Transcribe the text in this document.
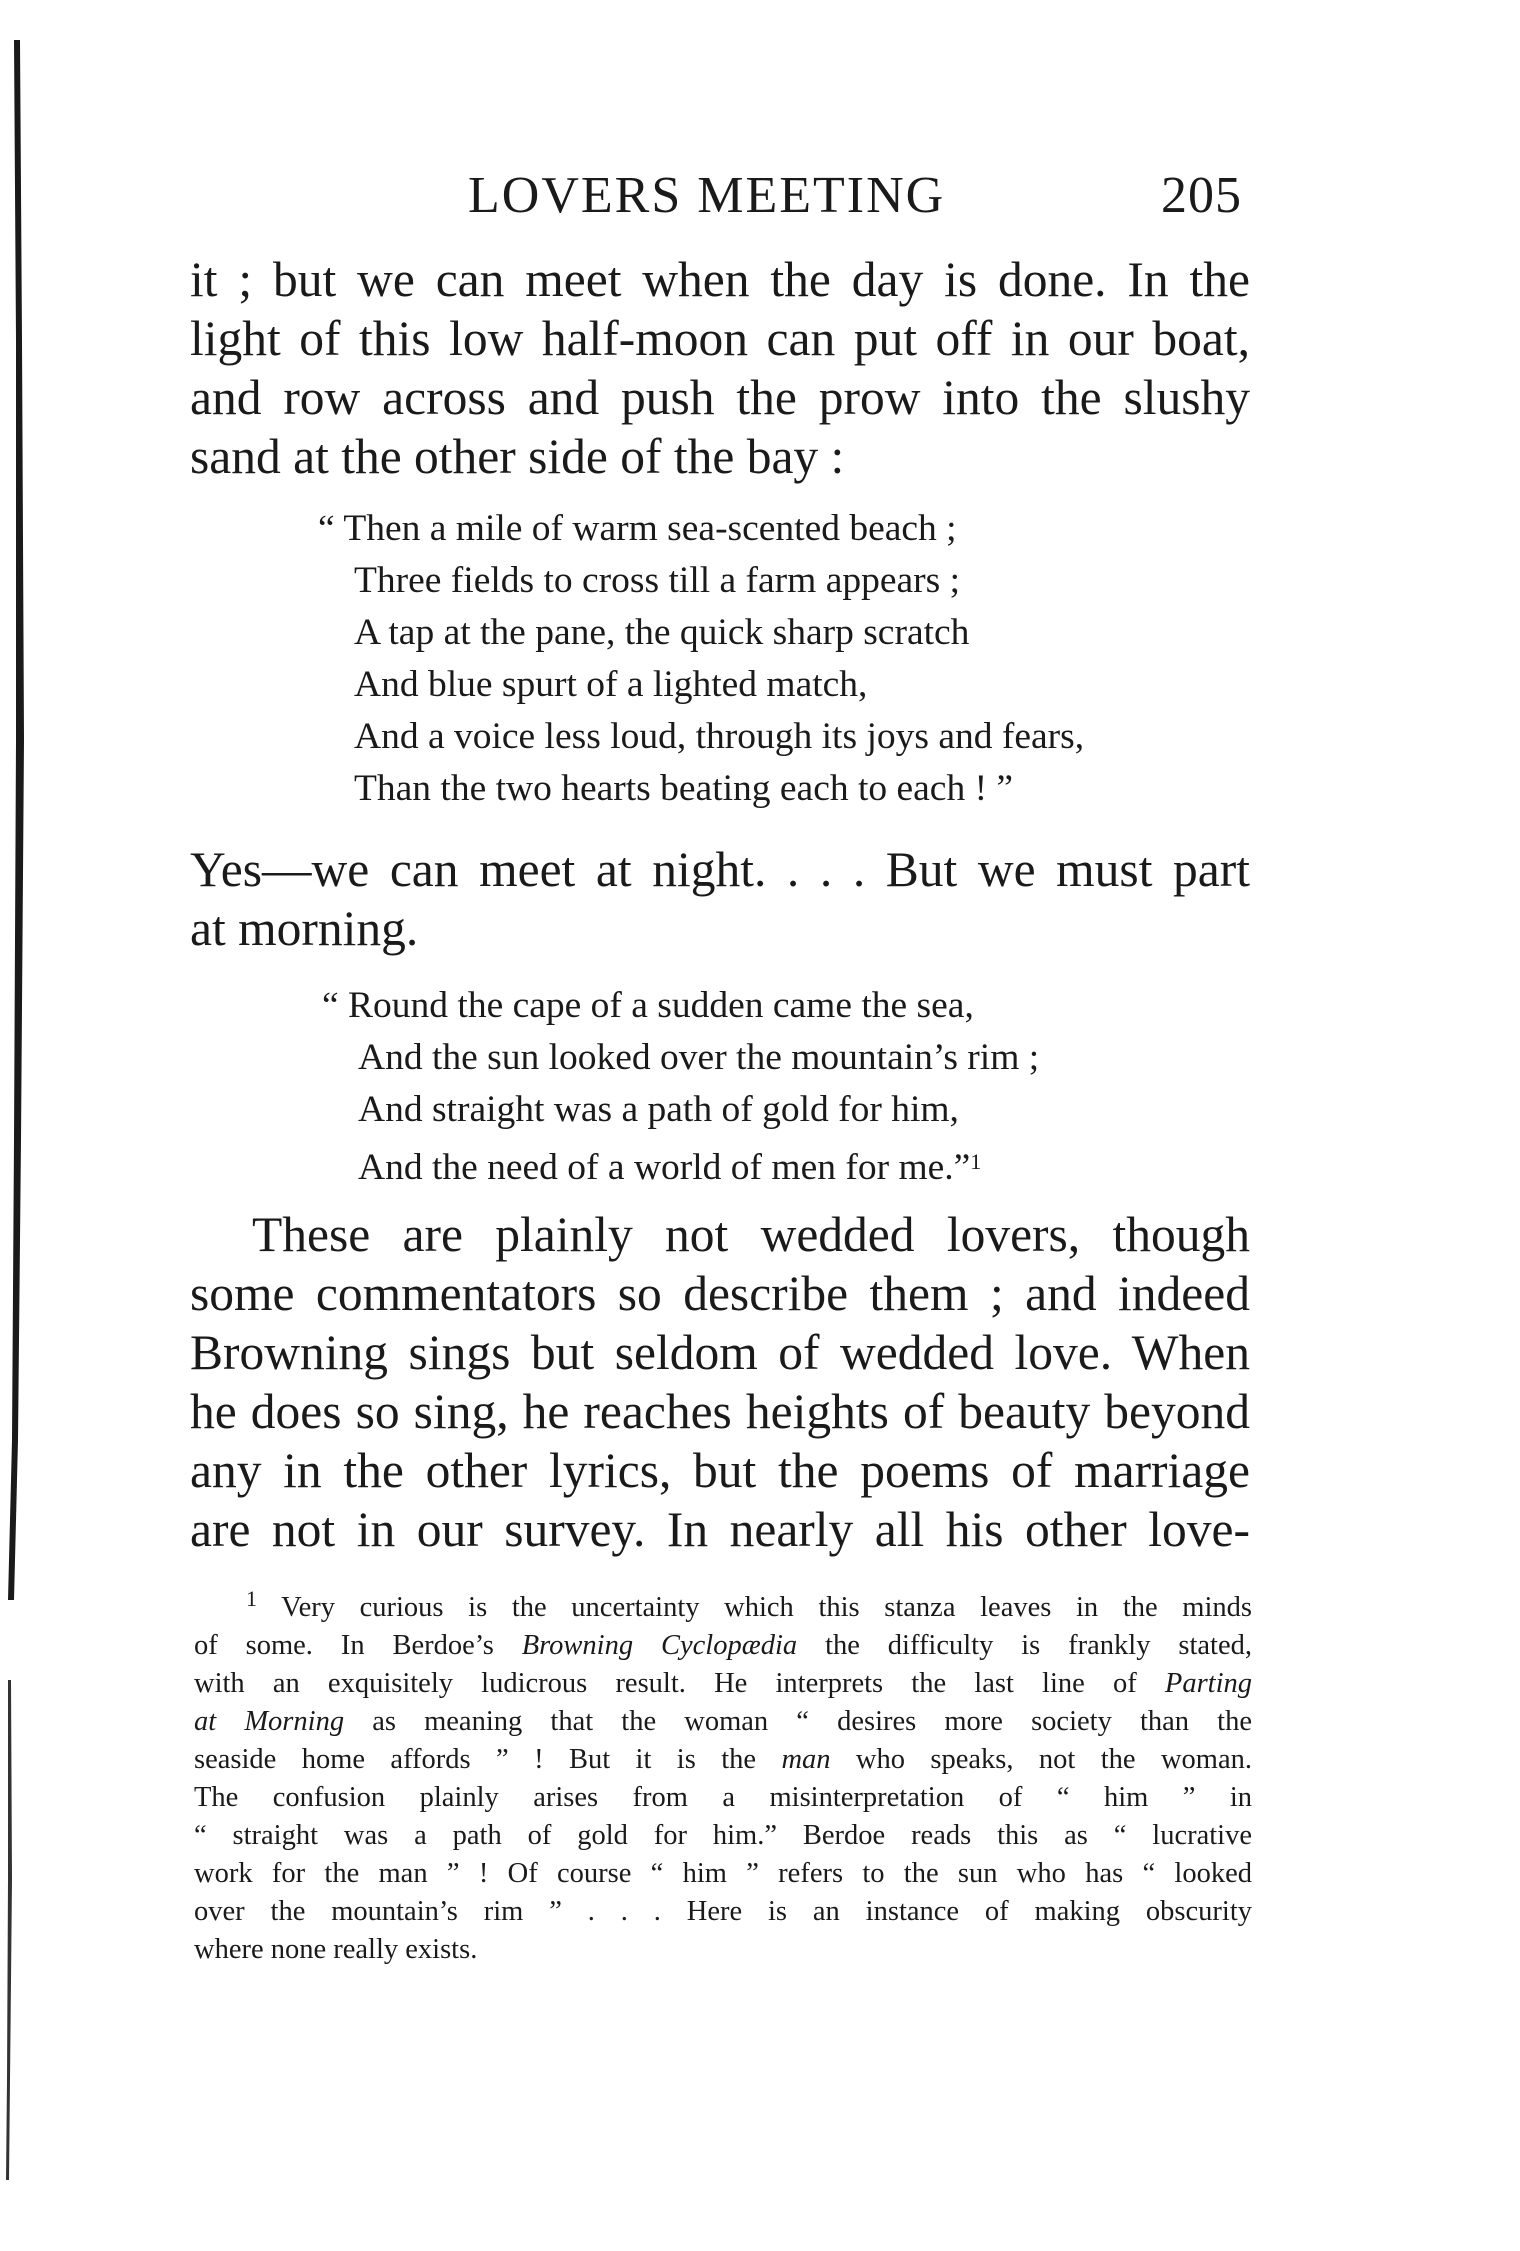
LOVERS MEETING	205
it ; but we can meet when the day is done. In the
light of this low half-moon can put off in our boat,
and row across and push the prow into the slushy
sand at the other side of the bay :
“ Then a mile of warm sea-scented beach ;
Three fields to cross till a farm appears ;
A tap at the pane, the quick sharp scratch
And blue spurt of a lighted match,
And a voice less loud, through its joys and fears,
Than the two hearts beating each to each ! ”
Yes—we can meet at night. . . . But we must part
at morning.
“ Round the cape of a sudden came the sea,
And the sun looked over the mountain’s rim ;
And straight was a path of gold for him,
And the need of a world of men for me.”$^1$
These are plainly not wedded lovers, though
some commentators so describe them ; and indeed
Browning sings but seldom of wedded love. When
he does so sing, he reaches heights of beauty beyond
any in the other lyrics, but the poems of marriage
are not in our survey. In nearly all his other love-
$^1$ Very curious is the uncertainty which this stanza leaves in the minds
of some. In Berdoe’s Browning Cyclopædia the difficulty is frankly stated,
with an exquisitely ludicrous result. He interprets the last line of Parting
at Morning as meaning that the woman “ desires more society than the
seaside home affords ” ! But it is the man who speaks, not the woman.
The confusion plainly arises from a misinterpretation of “ him ” in
“ straight was a path of gold for him.” Berdoe reads this as “ lucrative
work for the man ” ! Of course “ him ” refers to the sun who has “ looked
over the mountain’s rim ” . . . Here is an instance of making obscurity
where none really exists.
